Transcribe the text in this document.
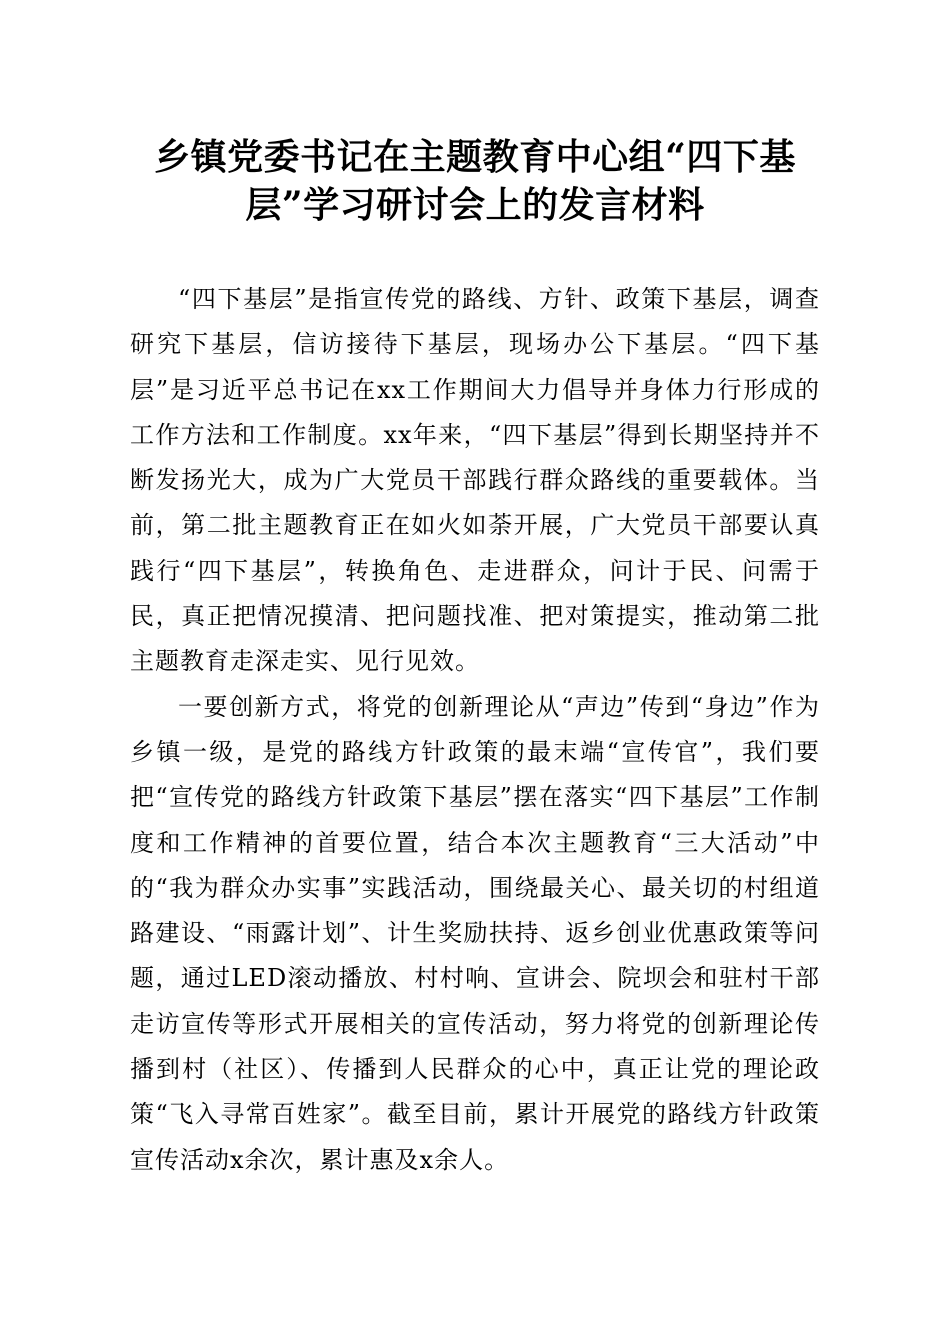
乡镇党委书记在主题教育中心组“四下基层”学习研讨会上的发言材料

“四下基层”是指宣传党的路线、方针、政策下基层，调查研究下基层，信访接待下基层，现场办公下基层。“四下基层”是习近平总书记在xx工作期间大力倡导并身体力行形成的工作方法和工作制度。xx年来，“四下基层”得到长期坚持并不断发扬光大，成为广大党员干部践行群众路线的重要载体。当前，第二批主题教育正在如火如荼开展，广大党员干部要认真践行“四下基层”，转换角色、走进群众，问计于民、问需于民，真正把情况摸清、把问题找准、把对策提实，推动第二批主题教育走深走实、见行见效。

一要创新方式，将党的创新理论从“声边”传到“身边”作为乡镇一级，是党的路线方针政策的最末端“宣传官”，我们要把“宣传党的路线方针政策下基层”摆在落实“四下基层”工作制度和工作精神的首要位置，结合本次主题教育“三大活动”中的“我为群众办实事”实践活动，围绕最关心、最关切的村组道路建设、“雨露计划”、计生奖励扶持、返乡创业优惠政策等问题，通过LED滚动播放、村村响、宣讲会、院坝会和驻村干部走访宣传等形式开展相关的宣传活动，努力将党的创新理论传播到村（社区）、传播到人民群众的心中，真正让党的理论政策“飞入寻常百姓家”。截至目前，累计开展党的路线方针政策宣传活动x余次，累计惠及x余人。
